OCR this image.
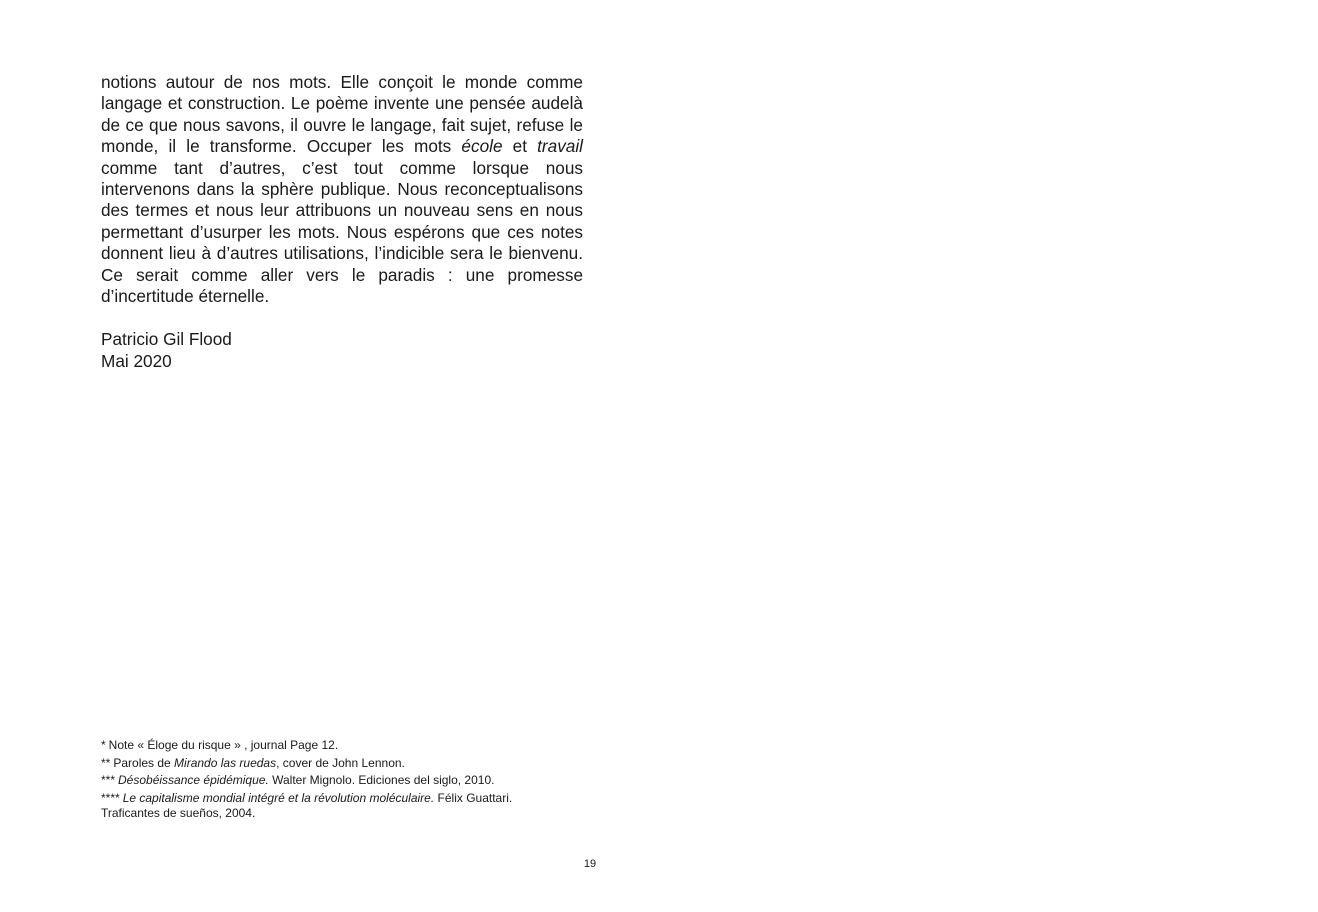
notions autour de nos mots. Elle conçoit le monde comme langage et construction. Le poème invente une pensée audelà de ce que nous savons, il ouvre le langage, fait sujet, refuse le monde, il le transforme. Occuper les mots école et travail comme tant d’autres, c’est tout comme lorsque nous intervenons dans la sphère publique. Nous reconceptualisons des termes et nous leur attribuons un nouveau sens en nous permettant d’usurper les mots. Nous espérons que ces notes donnent lieu à d’autres utilisations, l’indicible sera le bienvenu. Ce serait comme aller vers le paradis : une promesse d’incertitude éternelle.

Patricio Gil Flood
Mai 2020

* Note « Éloge du risque » , journal Page 12.

** Paroles de Mirando las ruedas, cover de John Lennon.

*** Désobéissance épidémique. Walter Mignolo. Ediciones del siglo, 2010.

**** Le capitalisme mondial intégré et la révolution moléculaire. Félix Guattari.
Traficantes de sueños, 2004.

19
